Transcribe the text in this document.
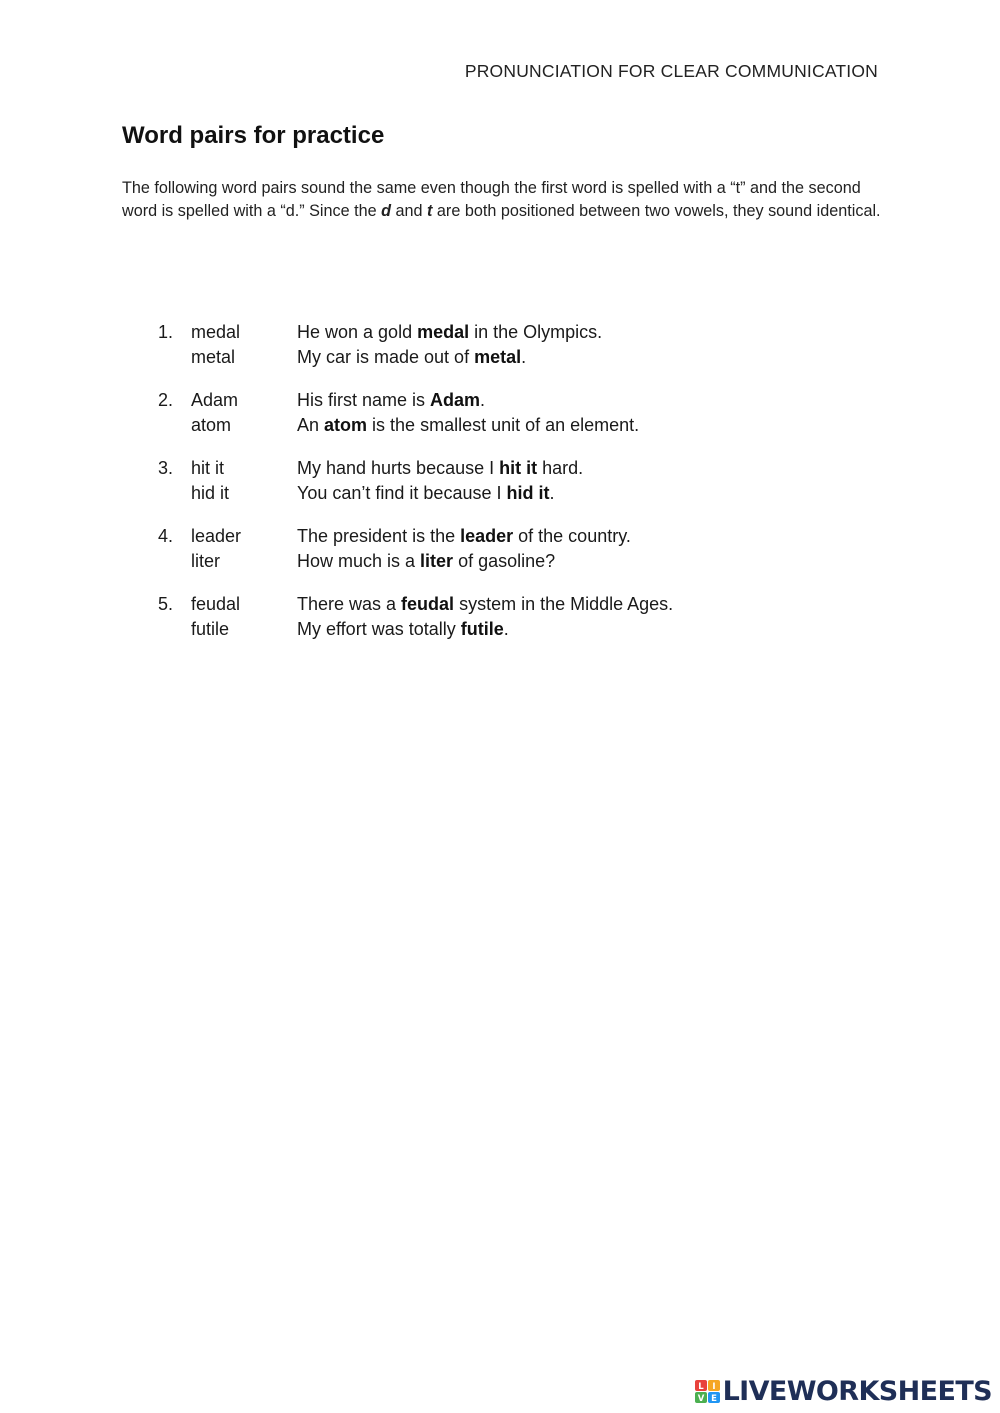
PRONUNCIATION FOR CLEAR COMMUNICATION
Word pairs for practice

The following word pairs sound the same even though the first word is spelled with a “t” and the second word is spelled with a “d.” Since the d and t are both positioned between two vowels, they sound identical.

1. medal	He won a gold medal in the Olympics.
metal	My car is made out of metal.
2. Adam	His first name is Adam.
atom	An atom is the smallest unit of an element.
3. hit it	My hand hurts because I hit it hard.
hid it	You can’t find it because I hid it.
4. leader	The president is the leader of the country.
liter	How much is a liter of gasoline?
5. feudal	There was a feudal system in the Middle Ages.
futile	My effort was totally futile.
L I
V E LIVEWORKSHEETS
